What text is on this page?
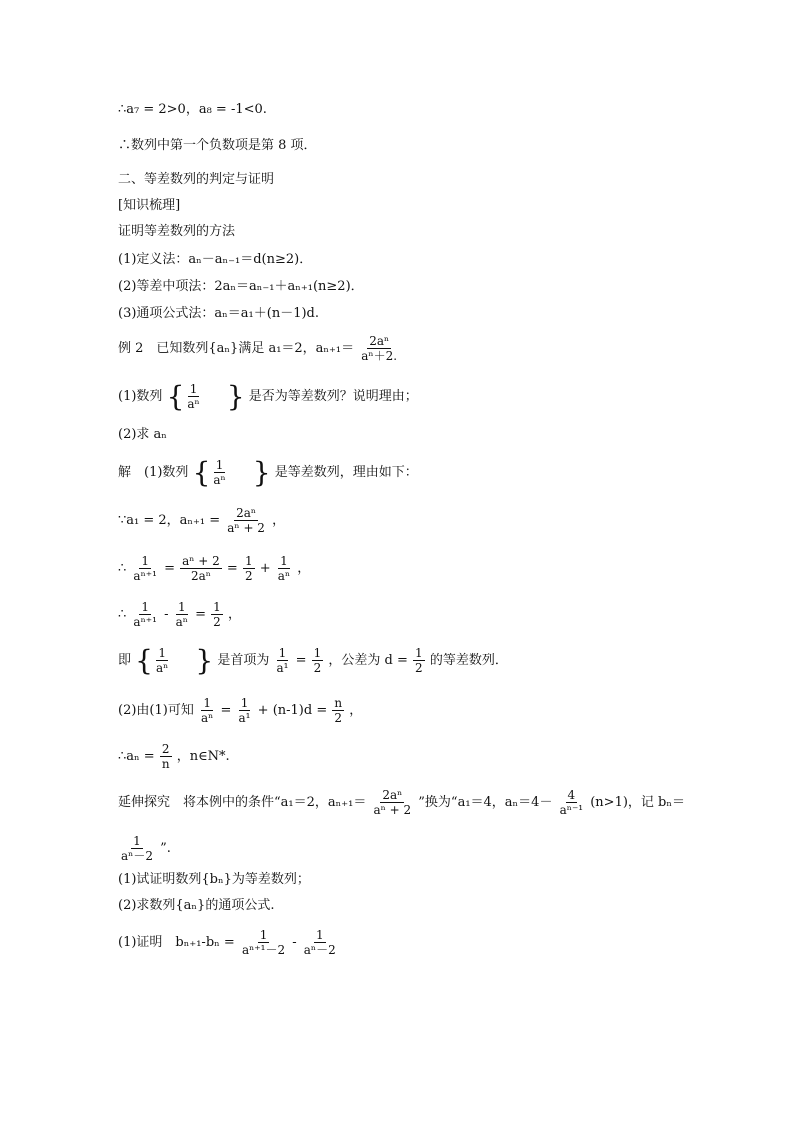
∴a₇ = 2>0，a₈ = ‑1<0.
∴数列中第一个负数项是第 8 项．
二、等差数列的判定与证明
[知识梳理]
证明等差数列的方法
(1)定义法：aₙ－aₙ₋₁＝d(n≥2)．
(2)等差中项法：2aₙ＝aₙ₋₁＋aₙ₊₁(n≥2)．
(3)通项公式法：aₙ＝a₁＋(n－1)d.
例 2　已知数列{aₙ}满足 a₁＝2，$a_{n+1}= \frac{\text{2aⁿ}}{\text{aⁿ＋2.}}$
(1)数列 { $\frac{1}{\text{aⁿ}}$ } 是否为等差数列？说明理由；
(2)求 aₙ
解　(1)数列 { $\frac{1}{\text{aⁿ}}$ } 是等差数列，理由如下：
∵a₁ = 2，$a_{n+1} = \frac{\text{2aⁿ}}{\text{aⁿ + 2}}$ ，
∴ $\frac{1}{\text{aⁿ⁺¹}} = \frac{\text{aⁿ + 2}}{\text{2aⁿ}} = \frac{1}{2} + \frac{1}{\text{aⁿ}}$ ，
∴ $\frac{1}{\text{aⁿ⁺¹}}$ ‑ $\frac{1}{\text{aⁿ}} = \frac{1}{2}$ ，
即 { $\frac{1}{\text{aⁿ}}$ } 是首项为 $\frac{1}{\text{a¹}} = \frac{1}{2}$ ，公差为 $d = \frac{1}{2}$ 的等差数列．
(2)由(1)可知 $\frac{1}{\text{aⁿ}} = \frac{1}{\text{a¹}}$ + (n‑1)d = $\frac{n}{2}$ ，
∴aₙ = $\frac{2}{n}$ ，n∈N*.
延伸探究　将本例中的条件“a₁＝2，$a_{n+1}= \frac{\text{2aⁿ}}{\text{aⁿ + 2}}$ ”换为“a₁＝4，$a_n=4- \frac{4}{\text{aⁿ⁻¹}} (n>1)$，记 bₙ＝
$\frac{1}{\text{aⁿ－2}}$ ”.
(1)试证明数列{bₙ}为等差数列；
(2)求数列{aₙ}的通项公式.
(1)证明　bₙ₊₁‑bₙ = $\frac{1}{\text{aⁿ⁺¹－2}}$ ‑ $\frac{1}{\text{aⁿ－2}}$
